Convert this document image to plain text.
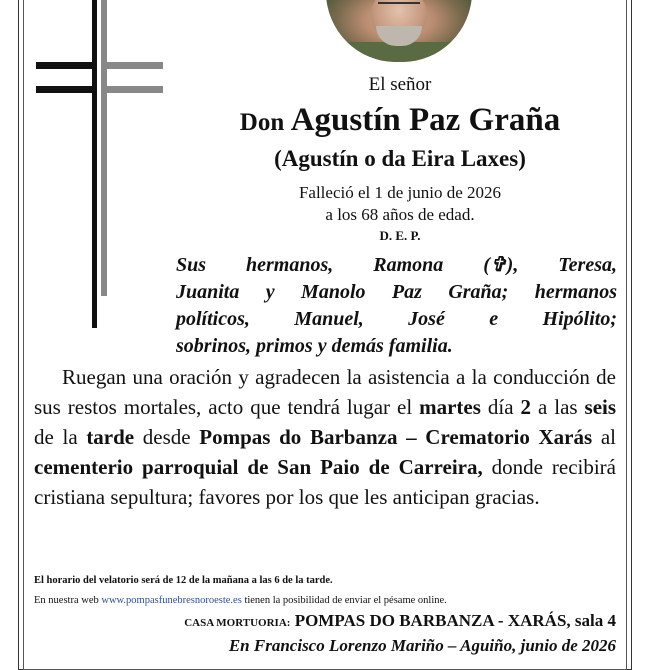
El señor
Don Agustín Paz Graña
(Agustín o da Eira Laxes)
Falleció el 1 de junio de 2026
a los 68 años de edad.
D. E. P.
Sus hermanos, Ramona (✞), Teresa,
Juanita y Manolo Paz Graña; hermanos
políticos, Manuel, José e Hipólito;
sobrinos, primos y demás familia.

Ruegan una oración y agradecen la asistencia a la conducción de sus restos mortales, acto que tendrá lugar el martes día 2 a las seis de la tarde desde Pompas do Barbanza – Crematorio Xarás al cementerio parroquial de San Paio de Carreira, donde recibirá cristiana sepultura; favores por los que les anticipan gracias.

El horario del velatorio será de 12 de la mañana a las 6 de la tarde.
En nuestra web www.pompasfunebresnoroeste.es tienen la posibilidad de enviar el pésame online.
CASA MORTUORIA: POMPAS DO BARBANZA - XARÁS, sala 4
En Francisco Lorenzo Mariño – Aguiño, junio de 2026
